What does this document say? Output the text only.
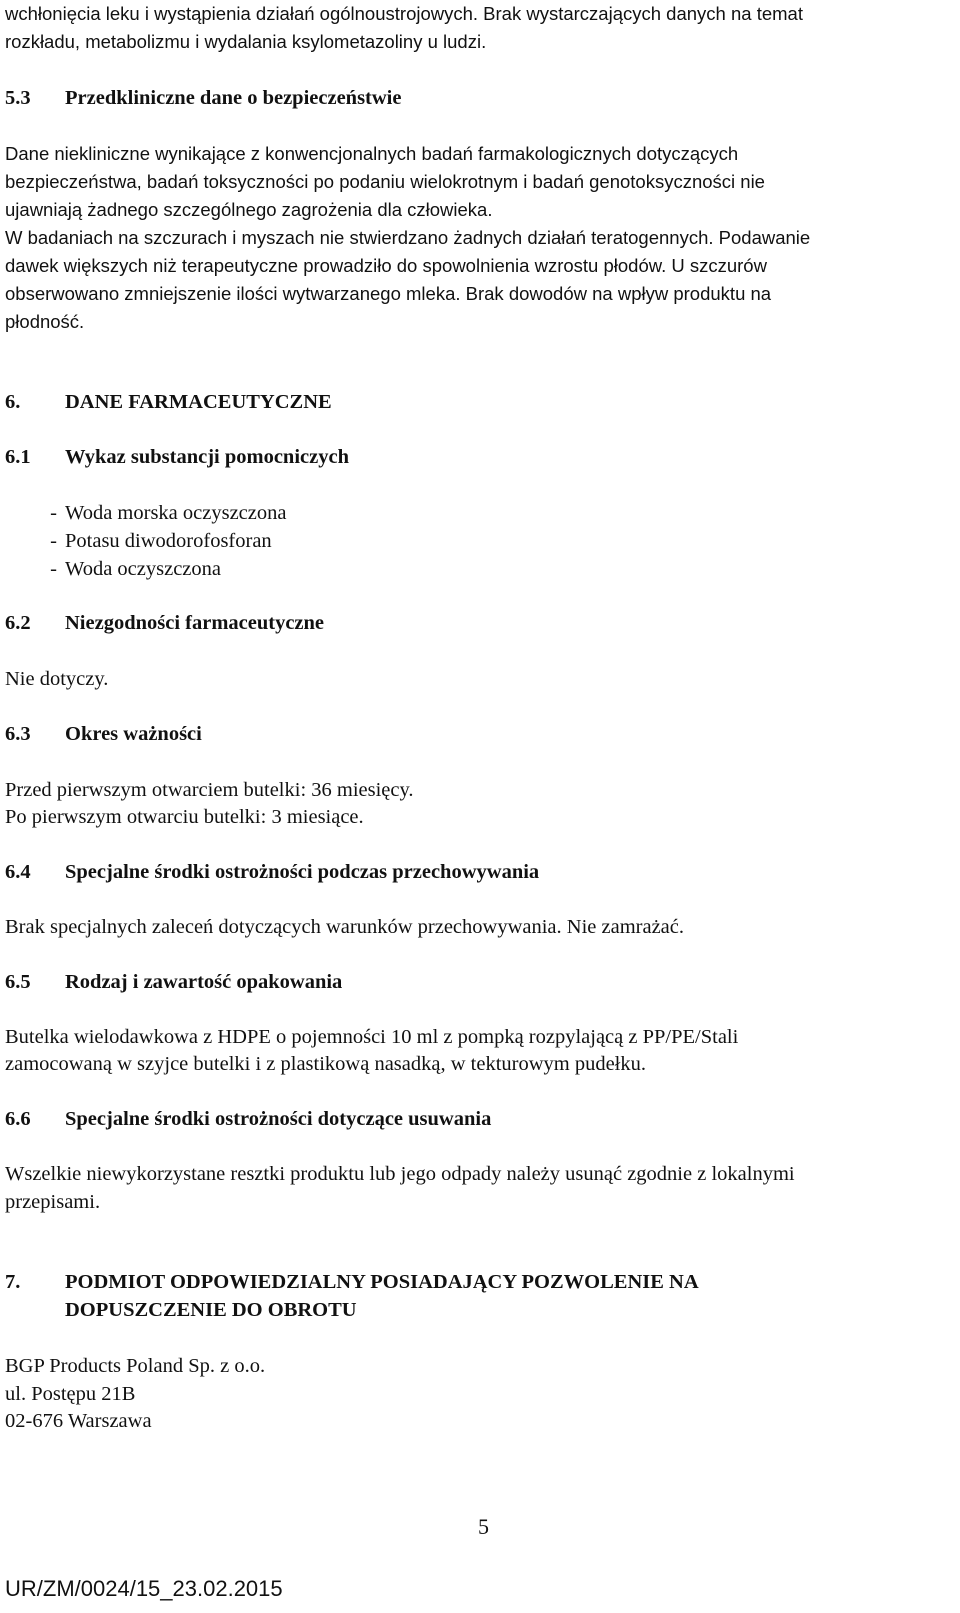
wchłonięcia leku i wystąpienia działań ogólnoustrojowych. Brak wystarczających danych na temat

rozkładu, metabolizmu i wydalania ksylometazoliny u ludzi.

5.3 Przedkliniczne dane o bezpieczeństwie

Dane niekliniczne wynikające z konwencjonalnych badań farmakologicznych dotyczących

bezpieczeństwa, badań toksyczności po podaniu wielokrotnym i badań genotoksyczności nie

ujawniają żadnego szczególnego zagrożenia dla człowieka.

W badaniach na szczurach i myszach nie stwierdzano żadnych działań teratogennych. Podawanie

dawek większych niż terapeutyczne prowadziło do spowolnienia wzrostu płodów. U szczurów

obserwowano zmniejszenie ilości wytwarzanego mleka. Brak dowodów na wpływ produktu na

płodność.

6. DANE FARMACEUTYCZNE

6.1 Wykaz substancji pomocniczych

- Woda morska oczyszczona

- Potasu diwodorofosforan

- Woda oczyszczona

6.2 Niezgodności farmaceutyczne

Nie dotyczy.

6.3 Okres ważności

Przed pierwszym otwarciem butelki: 36 miesięcy.

Po pierwszym otwarciu butelki: 3 miesiące.

6.4 Specjalne środki ostrożności podczas przechowywania

Brak specjalnych zaleceń dotyczących warunków przechowywania. Nie zamrażać.

6.5 Rodzaj i zawartość opakowania

Butelka wielodawkowa z HDPE o pojemności 10 ml z pompką rozpylającą z PP/PE/Stali

zamocowaną w szyjce butelki i z plastikową nasadką, w tekturowym pudełku.

6.6 Specjalne środki ostrożności dotyczące usuwania

Wszelkie niewykorzystane resztki produktu lub jego odpady należy usunąć zgodnie z lokalnymi

przepisami.

7. PODMIOT ODPOWIEDZIALNY POSIADAJĄCY POZWOLENIE NA

DOPUSZCZENIE DO OBROTU

BGP Products Poland Sp. z o.o.

ul. Postępu 21B

02-676 Warszawa

5
UR/ZM/0024/15_23.02.2015
